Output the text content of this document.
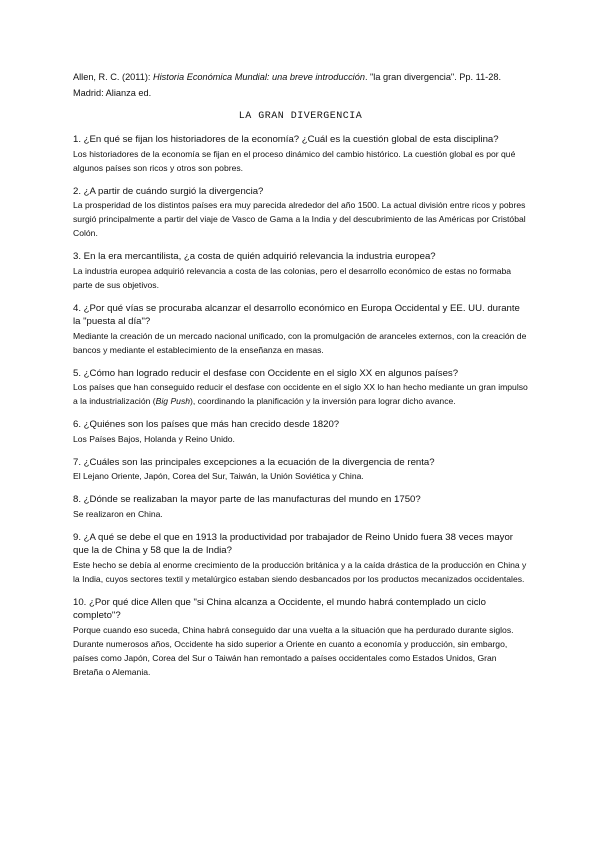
Allen, R. C. (2011): Historia Económica Mundial: una breve introducción. "la gran divergencia". Pp. 11-28. Madrid: Alianza ed.

LA GRAN DIVERGENCIA

1. ¿En qué se fijan los historiadores de la economía? ¿Cuál es la cuestión global de esta disciplina?

Los historiadores de la economía se fijan en el proceso dinámico del cambio histórico. La cuestión global es por qué algunos países son ricos y otros son pobres.

2. ¿A partir de cuándo surgió la divergencia?

La prosperidad de los distintos países era muy parecida alrededor del año 1500. La actual división entre ricos y pobres surgió principalmente a partir del viaje de Vasco de Gama a la India y del descubrimiento de las Américas por Cristóbal Colón.

3. En la era mercantilista, ¿a costa de quién adquirió relevancia la industria europea?

La industria europea adquirió relevancia a costa de las colonias, pero el desarrollo económico de estas no formaba parte de sus objetivos.

4. ¿Por qué vías se procuraba alcanzar el desarrollo económico en Europa Occidental y EE. UU. durante la "puesta al día"?

Mediante la creación de un mercado nacional unificado, con la promulgación de aranceles externos, con la creación de bancos y mediante el establecimiento de la enseñanza en masas.

5. ¿Cómo han logrado reducir el desfase con Occidente en el siglo XX en algunos países?

Los países que han conseguido reducir el desfase con occidente en el siglo XX lo han hecho mediante un gran impulso a la industrialización (Big Push), coordinando la planificación y la inversión para lograr dicho avance.

6. ¿Quiénes son los países que más han crecido desde 1820?

Los Países Bajos, Holanda y Reino Unido.

7. ¿Cuáles son las principales excepciones a la ecuación de la divergencia de renta?

El Lejano Oriente, Japón, Corea del Sur, Taiwán, la Unión Soviética y China.

8. ¿Dónde se realizaban la mayor parte de las manufacturas del mundo en 1750?

Se realizaron en China.

9. ¿A qué se debe el que en 1913 la productividad por trabajador de Reino Unido fuera 38 veces mayor que la de China y 58 que la de India?

Este hecho se debía al enorme crecimiento de la producción británica y a la caída drástica de la producción en China y la India, cuyos sectores textil y metalúrgico estaban siendo desbancados por los productos mecanizados occidentales.

10. ¿Por qué dice Allen que "si China alcanza a Occidente, el mundo habrá contemplado un ciclo completo"?

Porque cuando eso suceda, China habrá conseguido dar una vuelta a la situación que ha perdurado durante siglos. Durante numerosos años, Occidente ha sido superior a Oriente en cuanto a economía y producción, sin embargo, países como Japón, Corea del Sur o Taiwán han remontado a países occidentales como Estados Unidos, Gran Bretaña o Alemania.
